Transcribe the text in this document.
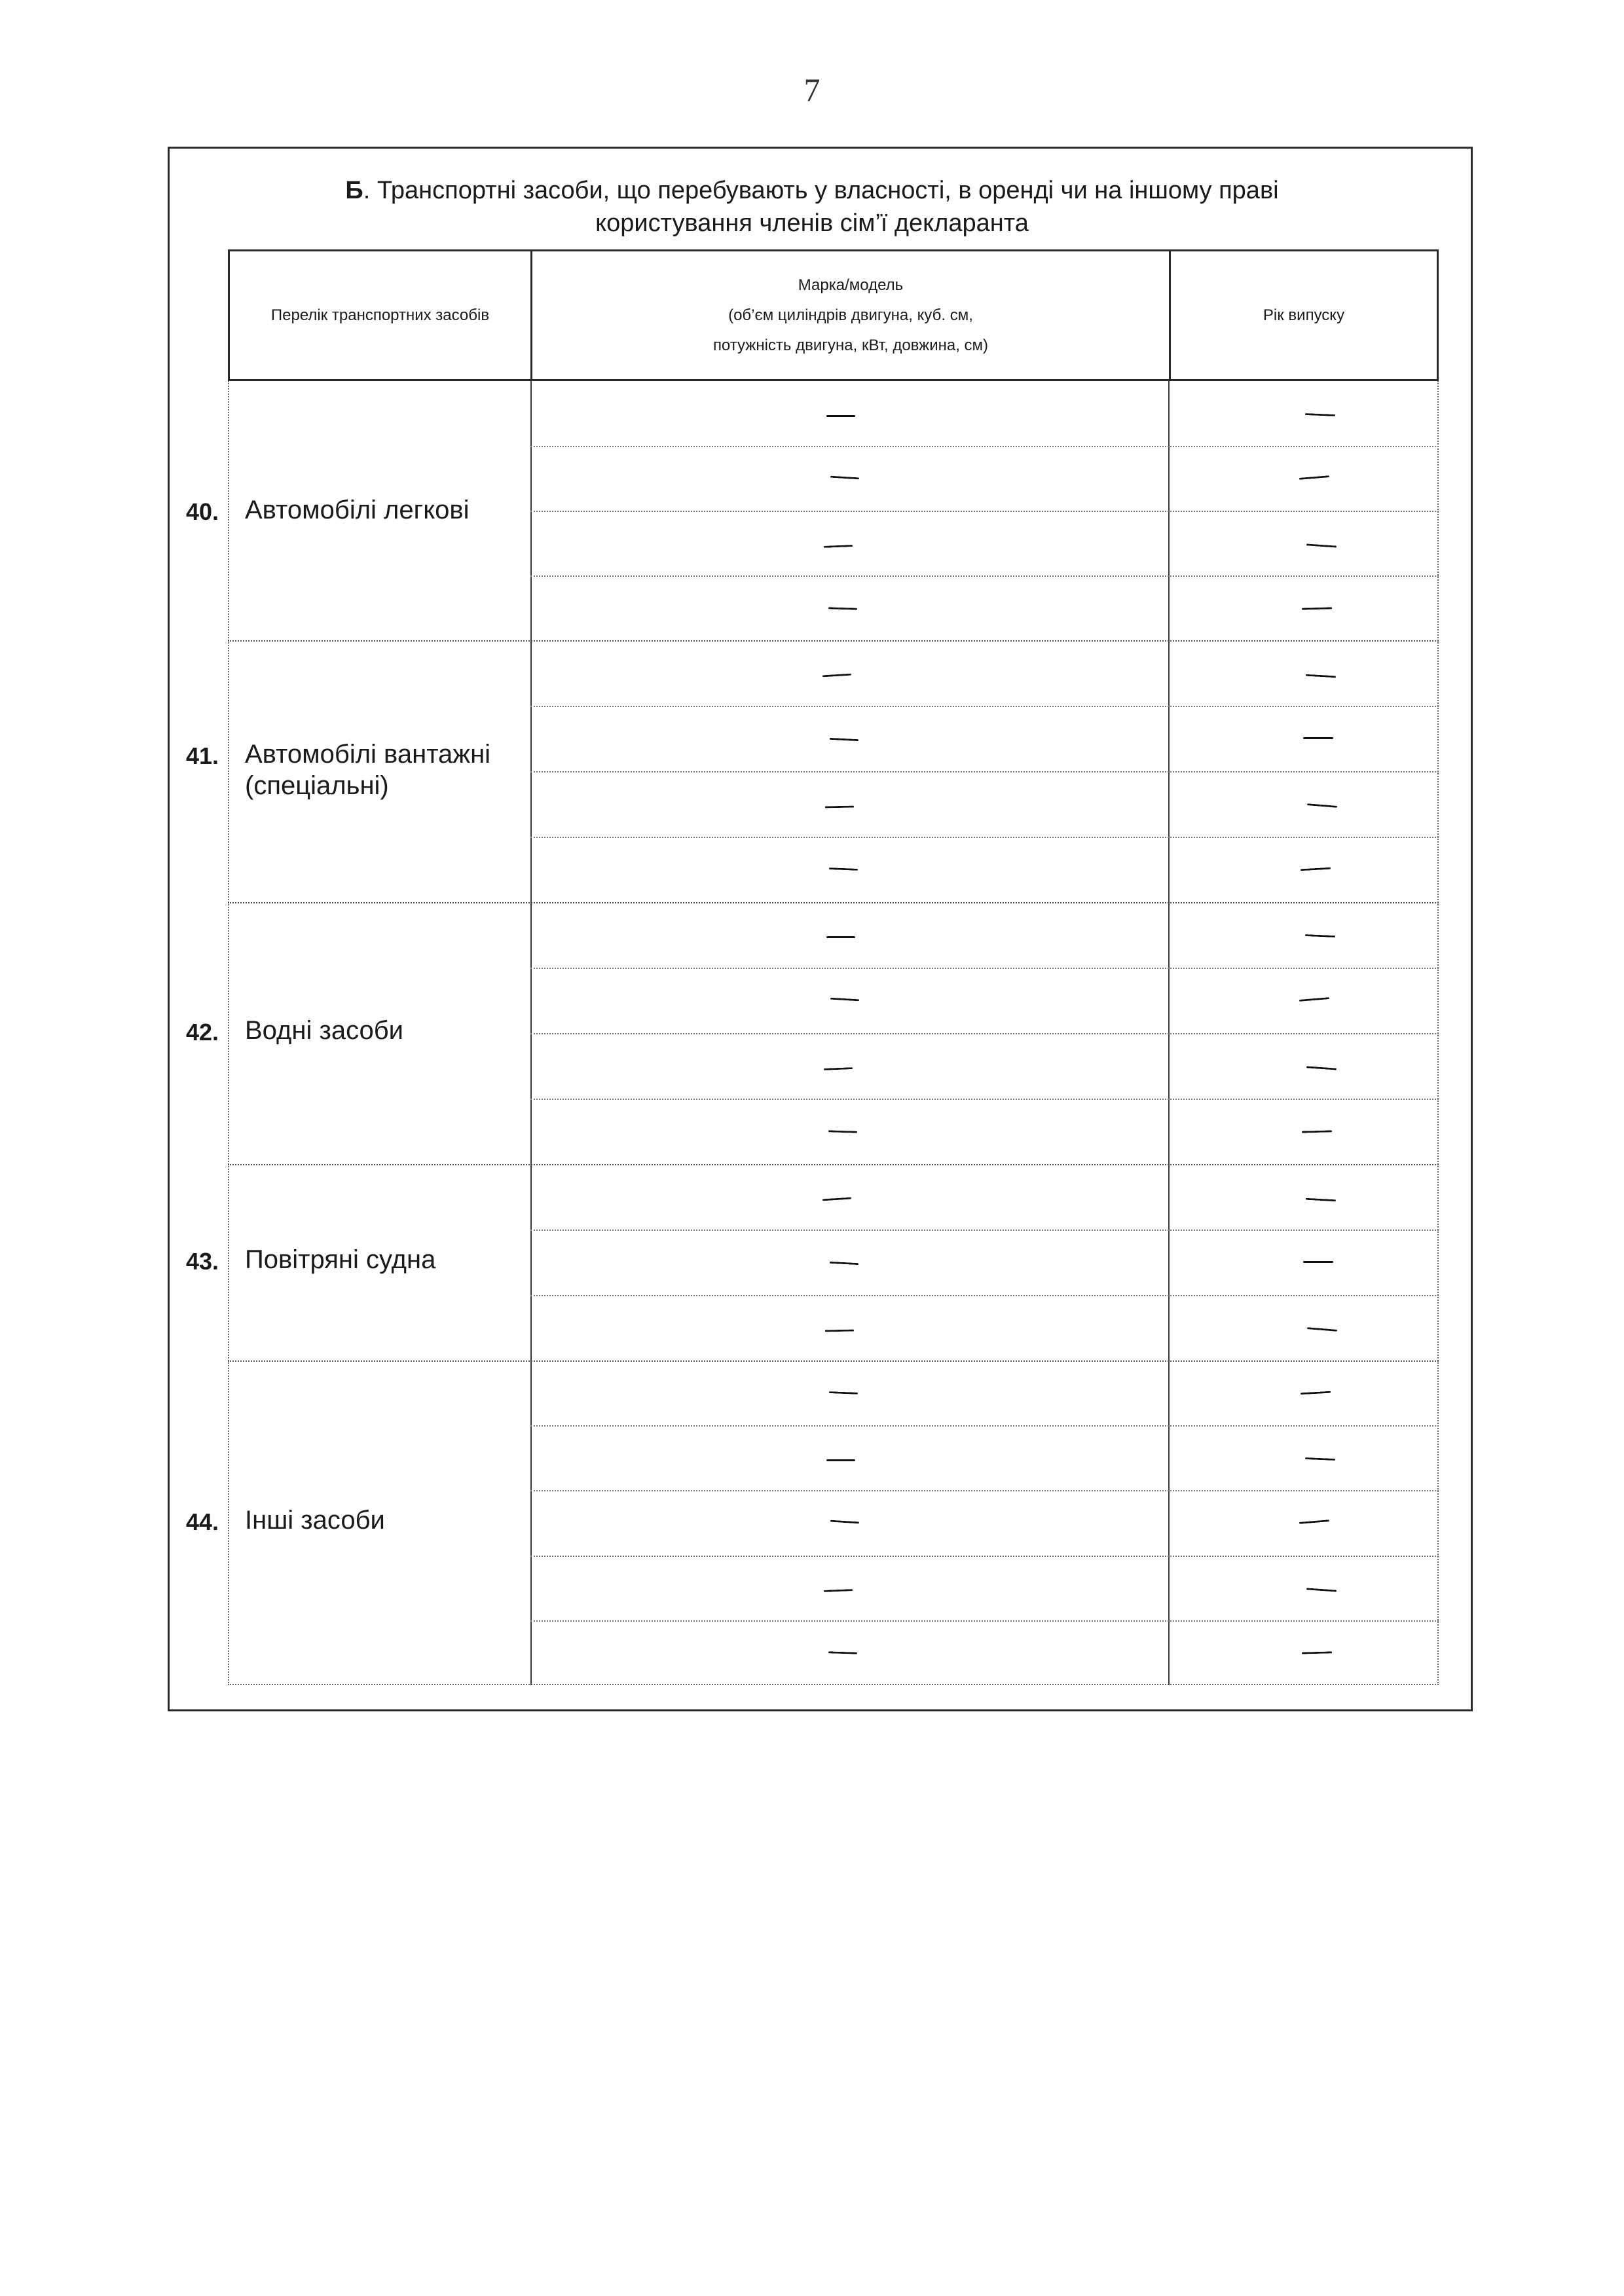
7
Б. Транспортні засоби, що перебувають у власності, в оренді чи на іншому праві
користування членів сім’ї декларанта
Перелік транспортних засобів
Марка/модель
(об’єм циліндрів двигуна, куб. см,
потужність двигуна, кВт, довжина, см)
Рік випуску
40. Автомобілі легкові
41. Автомобілі вантажні (спеціальні)
42. Водні засоби
43. Повітряні судна
44. Інші засоби
